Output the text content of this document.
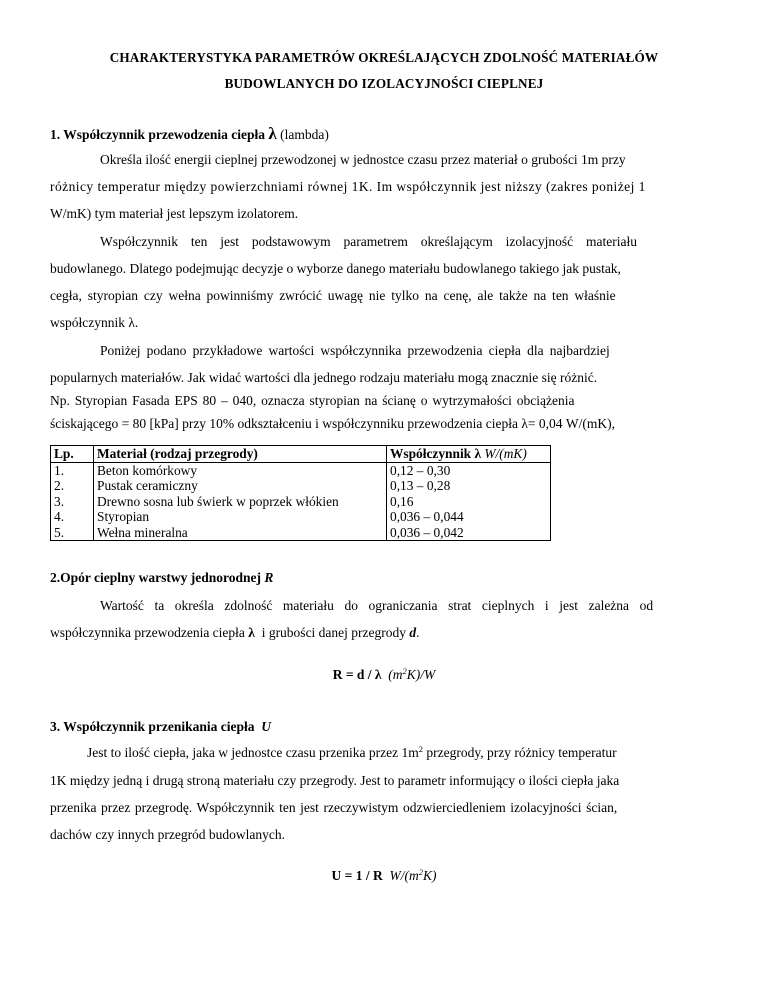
CHARAKTERYSTYKA PARAMETRÓW OKREŚLAJĄCYCH ZDOLNOŚĆ MATERIAŁÓW
BUDOWLANYCH DO IZOLACYJNOŚCI CIEPLNEJ
1. Współczynnik przewodzenia ciepła λ (lambda)
Określa ilość energii cieplnej przewodzonej w jednostce czasu przez materiał o grubości 1m przy
różnicy temperatur między powierzchniami równej 1K. Im współczynnik jest niższy (zakres poniżej 1
W/mK) tym materiał jest lepszym izolatorem.
Współczynnik ten jest podstawowym parametrem określającym izolacyjność materiału
budowlanego. Dlatego podejmując decyzje o wyborze danego materiału budowlanego takiego jak pustak,
cegła, styropian czy wełna powinniśmy zwrócić uwagę nie tylko na cenę, ale także na ten właśnie
współczynnik λ.
Poniżej podano przykładowe wartości współczynnika przewodzenia ciepła dla najbardziej
popularnych materiałów. Jak widać wartości dla jednego rodzaju materiału mogą znacznie się różnić.
Np. Styropian Fasada EPS 80 – 040, oznacza styropian na ścianę o wytrzymałości obciążenia
ściskającego = 80 [kPa] przy 10% odkształceniu i współczynniku przewodzenia ciepła λ= 0,04 W/(mK),
Lp.	Materiał (rodzaj przegrody)	Współczynnik λ W/(mK)
1.	Beton komórkowy	0,12 – 0,30
2.	Pustak ceramiczny	0,13 – 0,28
3.	Drewno sosna lub świerk w poprzek włókien	0,16
4.	Styropian	0,036 – 0,044
5.	Wełna mineralna	0,036 – 0,042
2.Opór cieplny warstwy jednorodnej R
Wartość ta określa zdolność materiału do ograniczania strat cieplnych i jest zależna od
współczynnika przewodzenia ciepła λ i grubości danej przegrody d.
R = d / λ $(m^2K)/W$
3. Współczynnik przenikania ciepła U
Jest to ilość ciepła, jaka w jednostce czasu przenika przez $1m^2$ przegrody, przy różnicy temperatur
1K między jedną i drugą stroną materiału czy przegrody. Jest to parametr informujący o ilości ciepła jaka
przenika przez przegrodę. Współczynnik ten jest rzeczywistym odzwierciedleniem izolacyjności ścian,
dachów czy innych przegród budowlanych.
U = 1 / R $W/(m^2K)$
